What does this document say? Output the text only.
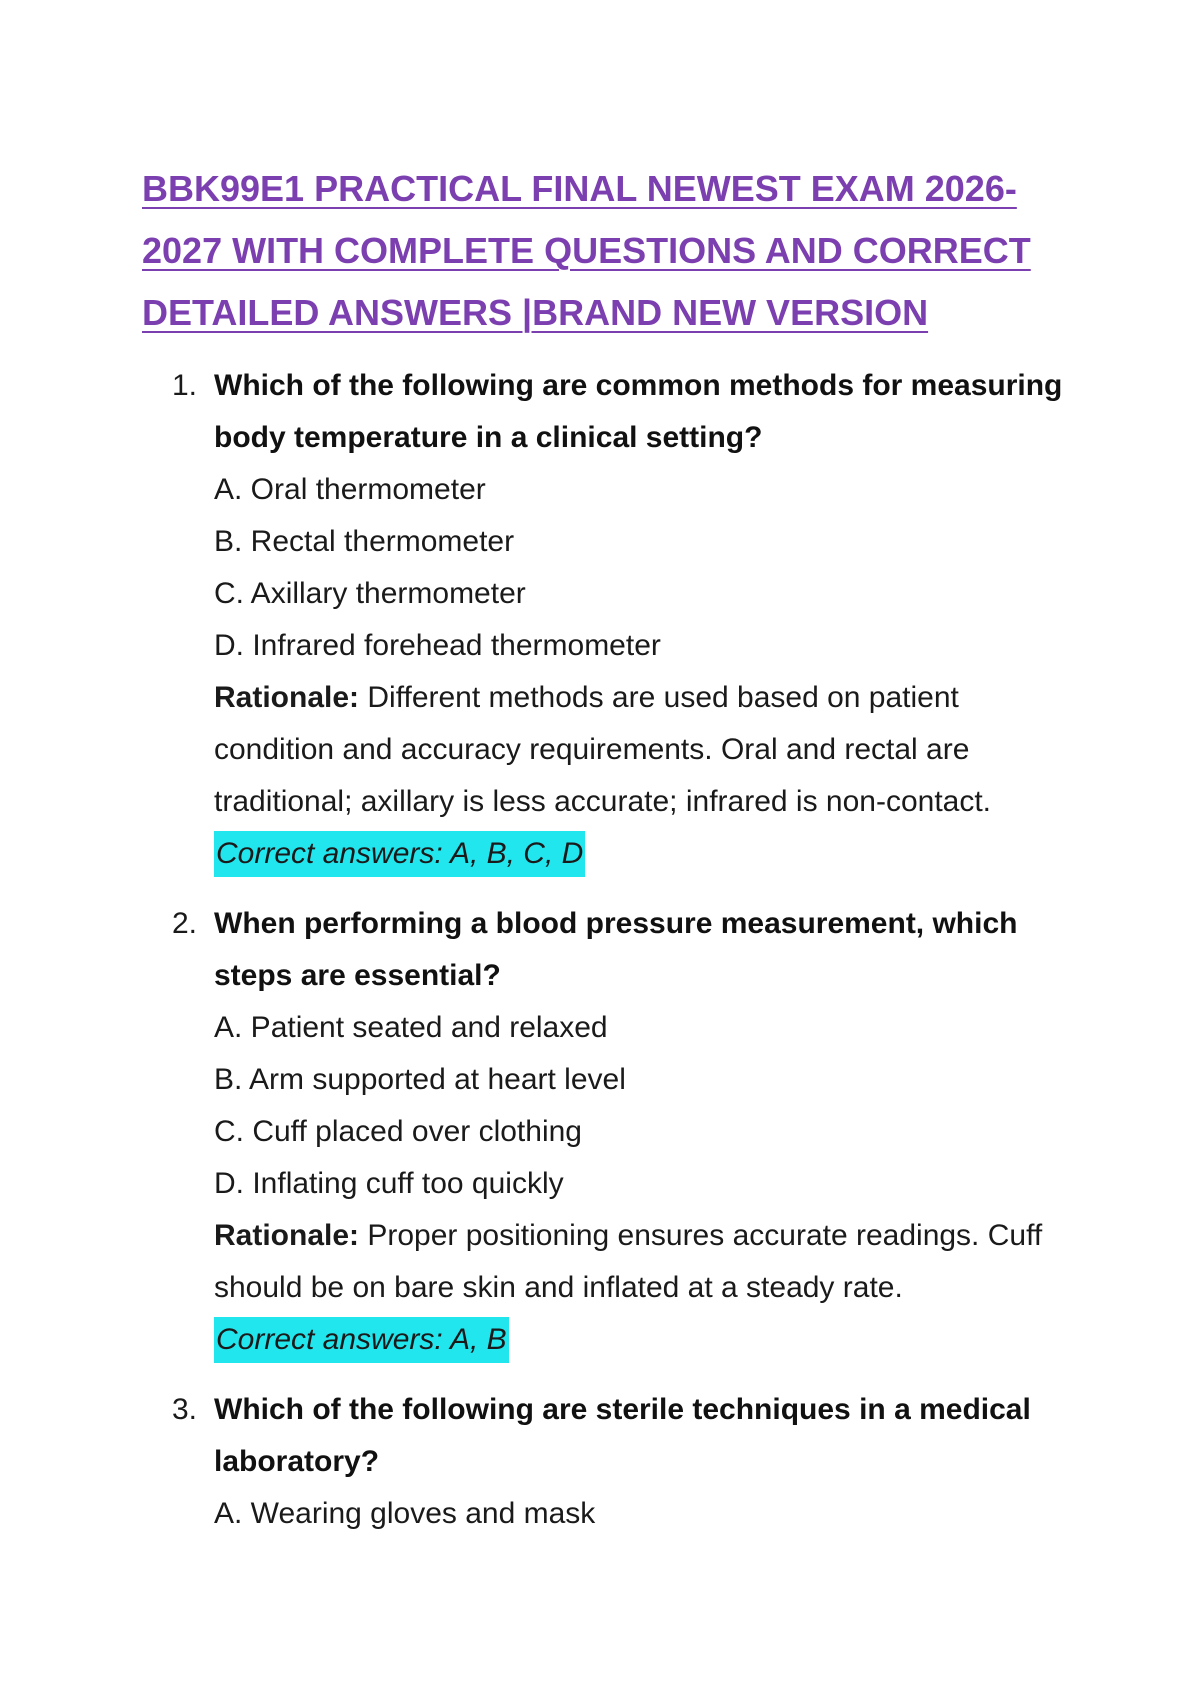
BBK99E1 PRACTICAL FINAL NEWEST EXAM 2026-
2027 WITH COMPLETE QUESTIONS AND CORRECT
DETAILED ANSWERS |BRAND NEW VERSION
1. Which of the following are common methods for measuring body temperature in a clinical setting?
A. Oral thermometer
B. Rectal thermometer
C. Axillary thermometer
D. Infrared forehead thermometer
Rationale: Different methods are used based on patient condition and accuracy requirements. Oral and rectal are traditional; axillary is less accurate; infrared is non-contact.
Correct answers: A, B, C, D
2. When performing a blood pressure measurement, which steps are essential?
A. Patient seated and relaxed
B. Arm supported at heart level
C. Cuff placed over clothing
D. Inflating cuff too quickly
Rationale: Proper positioning ensures accurate readings. Cuff should be on bare skin and inflated at a steady rate.
Correct answers: A, B
3. Which of the following are sterile techniques in a medical laboratory?
A. Wearing gloves and mask
